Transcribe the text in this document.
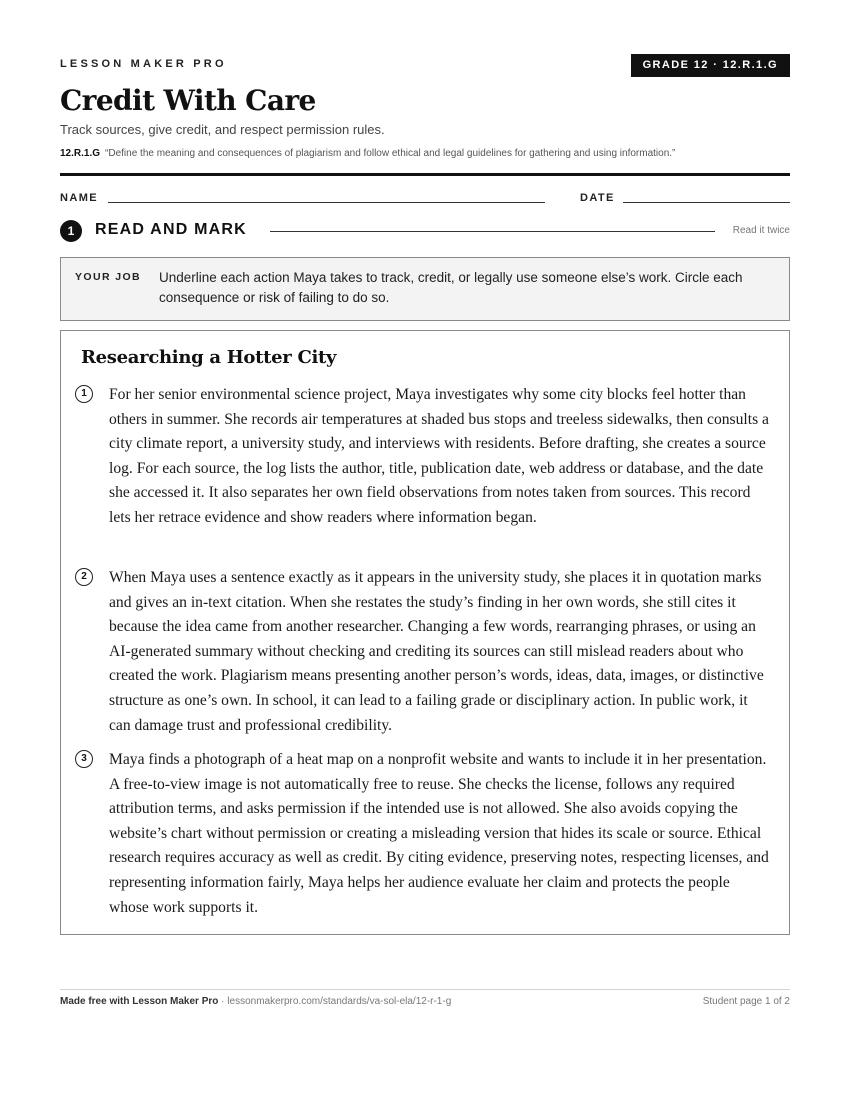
LESSON MAKER PRO	GRADE 12 · 12.R.1.G
Credit With Care
Track sources, give credit, and respect permission rules.
12.R.1.G “Define the meaning and consequences of plagiarism and follow ethical and legal guidelines for gathering and using information.”
NAME	DATE
1	READ AND MARK	Read it twice
YOUR JOB Underline each action Maya takes to track, credit, or legally use someone else’s work. Circle each consequence or risk of failing to do so.
Researching a Hotter City
1	For her senior environmental science project, Maya investigates why some city blocks feel hotter than others in summer. She records air temperatures at shaded bus stops and treeless sidewalks, then consults a city climate report, a university study, and interviews with residents. Before drafting, she creates a source log. For each source, the log lists the author, title, publication date, web address or database, and the date she accessed it. It also separates her own field observations from notes taken from sources. This record lets her retrace evidence and show readers where information began.

2	When Maya uses a sentence exactly as it appears in the university study, she places it in quotation marks and gives an in-text citation. When she restates the study’s finding in her own words, she still cites it because the idea came from another researcher. Changing a few words, rearranging phrases, or using an AI-generated summary without checking and crediting its sources can still mislead readers about who created the work. Plagiarism means presenting another person’s words, ideas, data, images, or distinctive structure as one’s own. In school, it can lead to a failing grade or disciplinary action. In public work, it can damage trust and professional credibility.

3	Maya finds a photograph of a heat map on a nonprofit website and wants to include it in her presentation. A free-to-view image is not automatically free to reuse. She checks the license, follows any required attribution terms, and asks permission if the intended use is not allowed. She also avoids copying the website’s chart without permission or creating a misleading version that hides its scale or source. Ethical research requires accuracy as well as credit. By citing evidence, preserving notes, respecting licenses, and representing information fairly, Maya helps her audience evaluate her claim and protects the people whose work supports it.

Made free with Lesson Maker Pro · lessonmakerpro.com/standards/va-sol-ela/12-r-1-g	Student page 1 of 2
